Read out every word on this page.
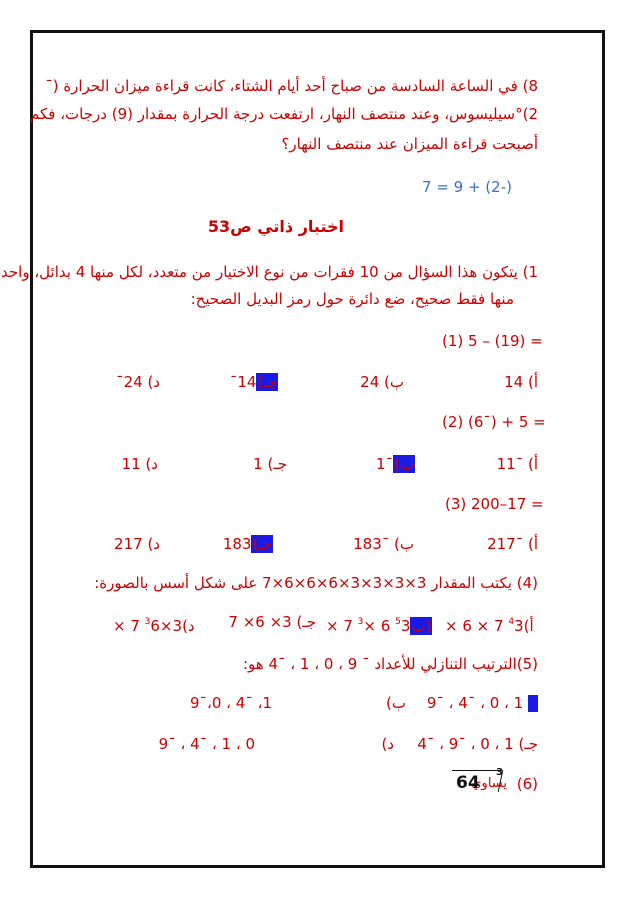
8) في الساعة السادسة من صباح أحد أيام الشتاء، كانت قراءة ميزان الحرارة (¯
2)°سيليسوس، وعند منتصف النهار، ارتفعت درجة الحرارة بمقدار (9) درجات، فكم
أصبحت قراءة الميزان عند منتصف النهار؟
7 = 9 + (2-)
اختبار ذاتي ص53
1) يتكون هذا السؤال من 10 فقرات من نوع الاختيار من متعدد، لكل منها 4 بدائل، واحد
منها فقط صحيح، ضع دائرة حول رمز البديل الصحيح:
(1) 5 – (19) =
أ) 14
ب) 24
جـ)14¯
د) 24¯
(2) (6¯) + 5 =
أ) ¯11
ب)¯1
جـ) 1
د) 11
(3) 200–17 =
أ) ¯217
ب) ¯183
جـ)183
د) 217
(4) يكتب المقدار 3×3×3×3×6×6×6×7 على شكل أسس بالصورة:
× 6 × 7 $^4$أ)3
× 7 $^3$× 6 $^5$3ب)
جـ) 3× 6× 7
× 7 $^3$د)3×6
(5)الترتيب التنازلي للأعداد ¯ 9 ، 0 ، 1 ، ¯4 هو:
1 ، 0 ، ¯4 ، ¯9
ب)
1، ¯4 ، 0،¯9
جـ) 1 ، 0 ، ¯9 ، ¯4
د)
0 ، 1 ، ¯4 ، ¯9
(6)
يساوي
3
64
